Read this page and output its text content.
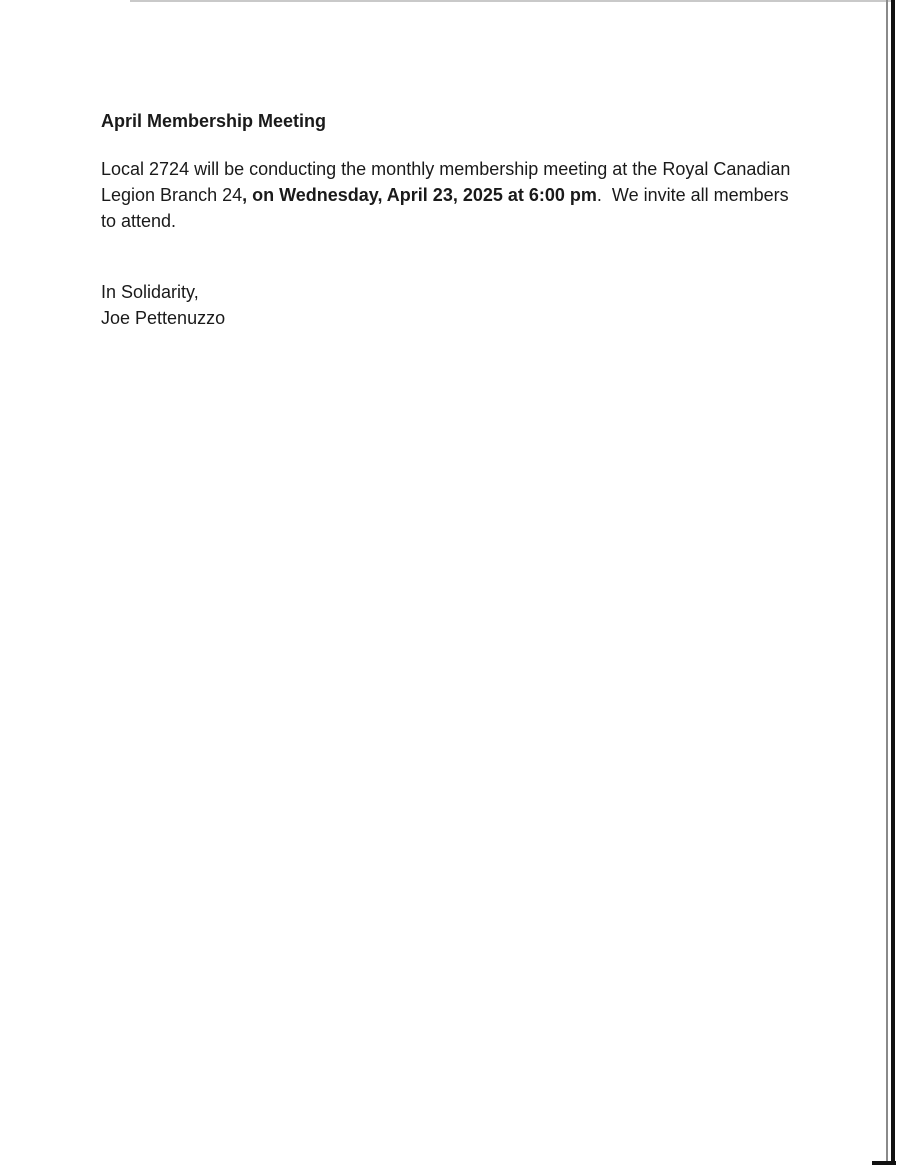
April Membership Meeting

Local 2724 will be conducting the monthly membership meeting at the Royal Canadian Legion Branch 24, on Wednesday, April 23, 2025 at 6:00 pm.  We invite all members to attend.

In Solidarity,
Joe Pettenuzzo
